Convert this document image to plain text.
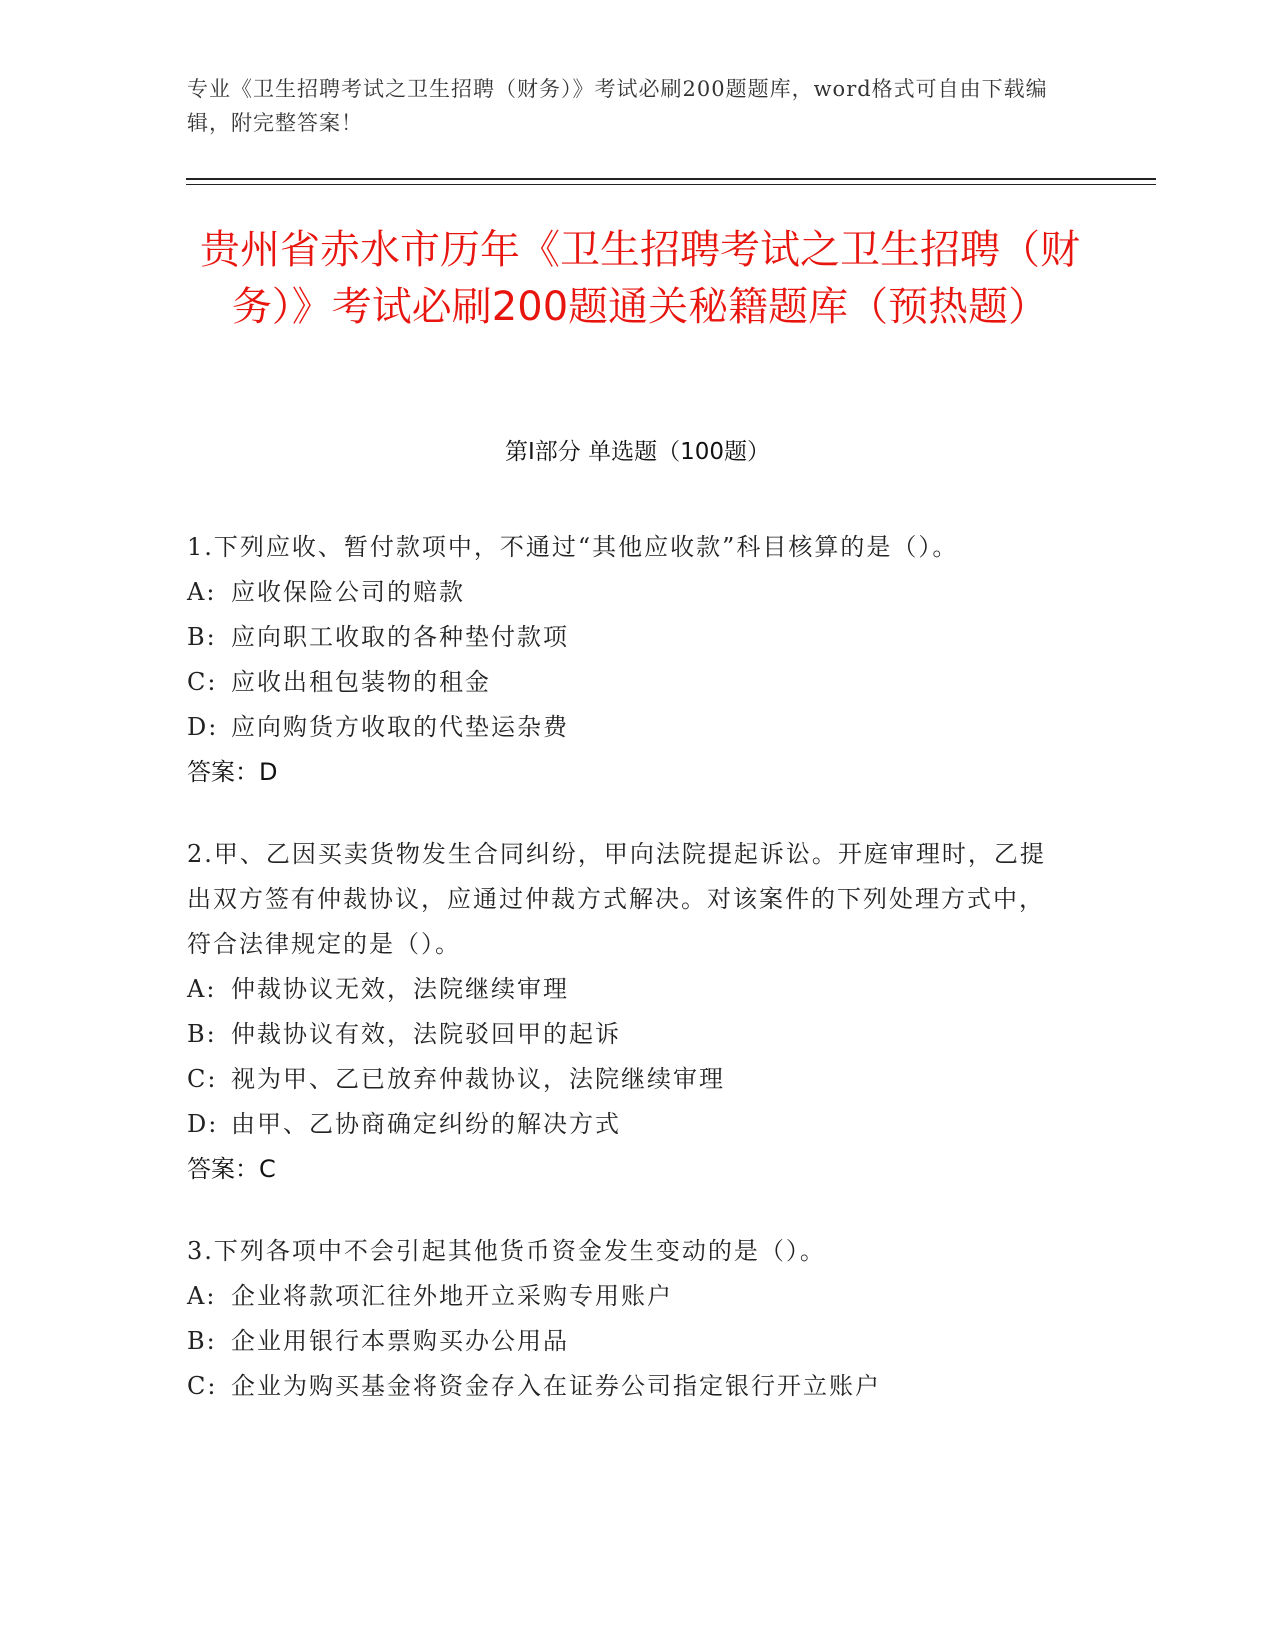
专业《卫生招聘考试之卫生招聘（财务）》考试必刷200题题库，word格式可自由下载编辑，附完整答案！
贵州省赤水市历年《卫生招聘考试之卫生招聘（财务）》考试必刷200题通关秘籍题库（预热题）
第I部分 单选题（100题）
1.下列应收、暂付款项中，不通过“其他应收款”科目核算的是（）。
A: 应收保险公司的赔款
B: 应向职工收取的各种垫付款项
C: 应收出租包装物的租金
D: 应向购货方收取的代垫运杂费
答案：D
2.甲、乙因买卖货物发生合同纠纷，甲向法院提起诉讼。开庭审理时，乙提出双方签有仲裁协议，应通过仲裁方式解决。对该案件的下列处理方式中，符合法律规定的是（）。
A: 仲裁协议无效，法院继续审理
B: 仲裁协议有效，法院驳回甲的起诉
C: 视为甲、乙已放弃仲裁协议，法院继续审理
D: 由甲、乙协商确定纠纷的解决方式
答案：C
3.下列各项中不会引起其他货币资金发生变动的是（）。
A: 企业将款项汇往外地开立采购专用账户
B: 企业用银行本票购买办公用品
C: 企业为购买基金将资金存入在证券公司指定银行开立账户
